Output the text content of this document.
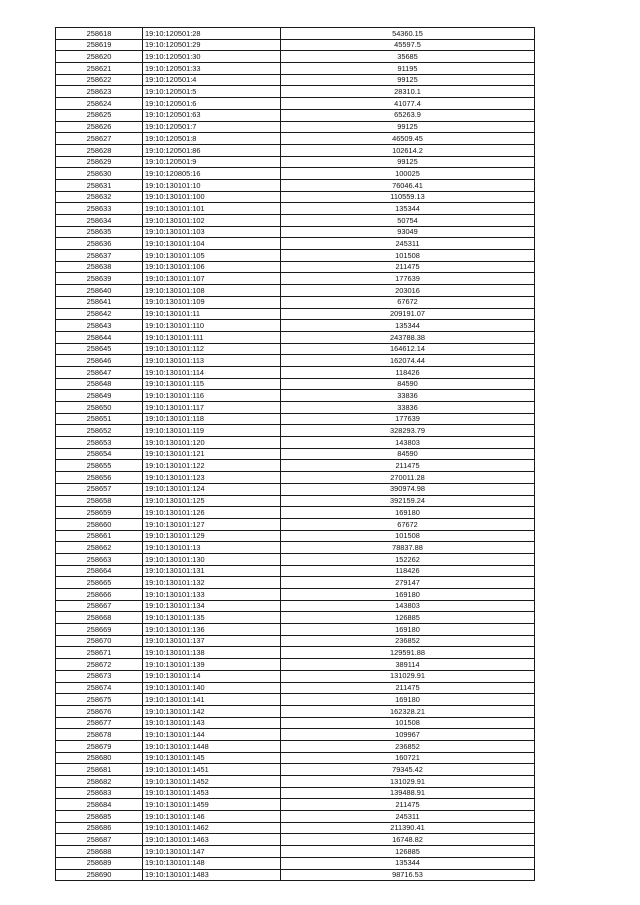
258618	19:10:120501:28	54360.15
258619	19:10:120501:29	45597.5
258620	19:10:120501:30	35685
258621	19:10:120501:33	91195
258622	19:10:120501:4	99125
258623	19:10:120501:5	28310.1
258624	19:10:120501:6	41077.4
258625	19:10:120501:63	65263.9
258626	19:10:120501:7	99125
258627	19:10:120501:8	46509.45
258628	19:10:120501:86	102614.2
258629	19:10:120501:9	99125
258630	19:10:120805:16	100025
258631	19:10:130101:10	76046.41
258632	19:10:130101:100	110559.13
258633	19:10:130101:101	135344
258634	19:10:130101:102	50754
258635	19:10:130101:103	93049
258636	19:10:130101:104	245311
258637	19:10:130101:105	101508
258638	19:10:130101:106	211475
258639	19:10:130101:107	177639
258640	19:10:130101:108	203016
258641	19:10:130101:109	67672
258642	19:10:130101:11	209191.07
258643	19:10:130101:110	135344
258644	19:10:130101:111	243788.38
258645	19:10:130101:112	164612.14
258646	19:10:130101:113	162074.44
258647	19:10:130101:114	118426
258648	19:10:130101:115	84590
258649	19:10:130101:116	33836
258650	19:10:130101:117	33836
258651	19:10:130101:118	177639
258652	19:10:130101:119	328293.79
258653	19:10:130101:120	143803
258654	19:10:130101:121	84590
258655	19:10:130101:122	211475
258656	19:10:130101:123	270011.28
258657	19:10:130101:124	390974.98
258658	19:10:130101:125	392159.24
258659	19:10:130101:126	169180
258660	19:10:130101:127	67672
258661	19:10:130101:129	101508
258662	19:10:130101:13	78837.88
258663	19:10:130101:130	152262
258664	19:10:130101:131	118426
258665	19:10:130101:132	279147
258666	19:10:130101:133	169180
258667	19:10:130101:134	143803
258668	19:10:130101:135	126885
258669	19:10:130101:136	169180
258670	19:10:130101:137	236852
258671	19:10:130101:138	129591.88
258672	19:10:130101:139	389114
258673	19:10:130101:14	131029.91
258674	19:10:130101:140	211475
258675	19:10:130101:141	169180
258676	19:10:130101:142	162328.21
258677	19:10:130101:143	101508
258678	19:10:130101:144	109967
258679	19:10:130101:1448	236852
258680	19:10:130101:145	160721
258681	19:10:130101:1451	79345.42
258682	19:10:130101:1452	131029.91
258683	19:10:130101:1453	139488.91
258684	19:10:130101:1459	211475
258685	19:10:130101:146	245311
258686	19:10:130101:1462	211390.41
258687	19:10:130101:1463	16748.82
258688	19:10:130101:147	126885
258689	19:10:130101:148	135344
258690	19:10:130101:1483	98716.53
